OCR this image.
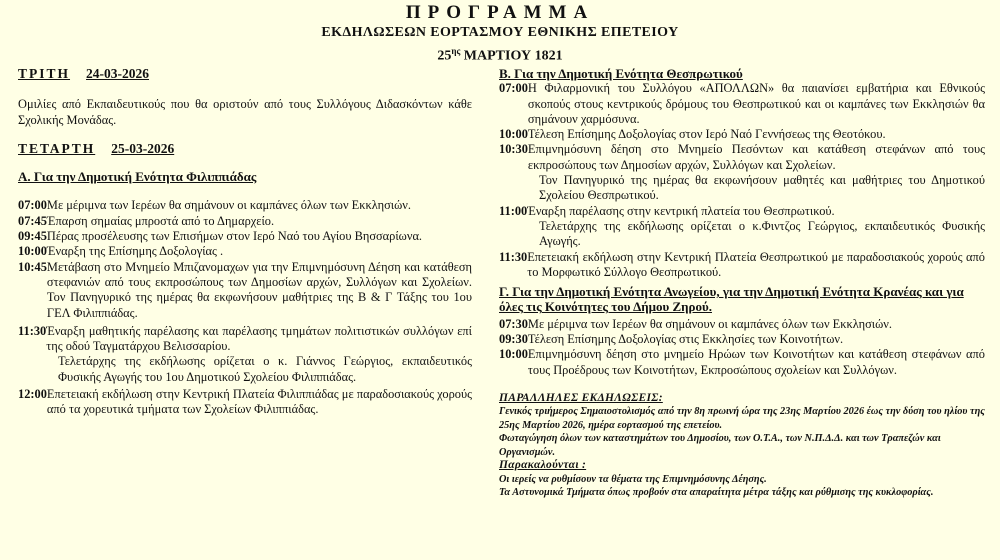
ΠΡΟΓΡΑΜΜΑ
ΕΚΔΗΛΩΣΕΩΝ ΕΟΡΤΑΣΜΟΥ ΕΘΝΙΚΗΣ ΕΠΕΤΕΙΟΥ
$25^{\eta\varsigma}$ ΜΑΡΤΙΟΥ 1821
ΤΡΙΤΗ 24-03-2026
Ομιλίες από Εκπαιδευτικούς που θα οριστούν από τους Συλλόγους Διδασκόντων κάθε Σχολικής Μονάδας.
ΤΕΤΑΡΤΗ 25-03-2026
Α. Για την Δημοτική Ενότητα Φιλιππιάδας
07:00 Με μέριμνα των Ιερέων θα σημάνουν οι καμπάνες όλων των Εκκλησιών.
07:45 Έπαρση σημαίας μπροστά από το Δημαρχείο.
09:45 Πέρας προσέλευσης των Επισήμων στον Ιερό Ναό του Αγίου Βησσαρίωνα.
10:00 Έναρξη της Επίσημης Δοξολογίας .
10:45 Μετάβαση στο Μνημείο Μπιζανομαχων για την Επιμνημόσυνη Δέηση και κατάθεση στεφανιών από τους εκπροσώπους των Δημοσίων αρχών, Συλλόγων και Σχολείων. Τον Πανηγυρικό της ημέρας θα εκφωνήσουν μαθήτριες της Β & Γ Τάξης του 1ου ΓΕΛ Φιλιππιάδας.
11:30 Έναρξη μαθητικής παρέλασης και παρέλασης τμημάτων πολιτιστικών συλλόγων επί της οδού Ταγματάρχου Βελισσαρίου.
Τελετάρχης της εκδήλωσης ορίζεται ο κ. Γιάννος Γεώργιος, εκπαιδευτικός Φυσικής Αγωγής του 1ου Δημοτικού Σχολείου Φιλιππιάδας.
12:00 Επετειακή εκδήλωση στην Κεντρική Πλατεία Φιλιππιάδας με παραδοσιακούς χορούς από τα χορευτικά τμήματα των Σχολείων Φιλιππιάδας.
Β. Για την Δημοτική Ενότητα Θεσπρωτικού
07:00 Η Φιλαρμονική του Συλλόγου «ΑΠΟΛΛΩΝ» θα παιανίσει εμβατήρια και Εθνικούς σκοπούς στους κεντρικούς δρόμους του Θεσπρωτικού και οι καμπάνες των Εκκλησιών θα σημάνουν χαρμόσυνα.
10:00 Τέλεση Επίσημης Δοξολογίας στον Ιερό Ναό Γεννήσεως της Θεοτόκου.
10:30 Επιμνημόσυνη δέηση στο Μνημείο Πεσόντων και κατάθεση στεφάνων από τους εκπροσώπους των Δημοσίων αρχών, Συλλόγων και Σχολείων.
Τον Πανηγυρικό της ημέρας θα εκφωνήσουν μαθητές και μαθήτριες του Δημοτικού Σχολείου Θεσπρωτικού.
11:00 Έναρξη παρέλασης στην κεντρική πλατεία του Θεσπρωτικού.
Τελετάρχης της εκδήλωσης ορίζεται ο κ.Φιντζος Γεώργιος, εκπαιδευτικός Φυσικής Αγωγής.
11:30 Επετειακή εκδήλωση στην Κεντρική Πλατεία Θεσπρωτικού με παραδοσιακούς χορούς από το Μορφωτικό Σύλλογο Θεσπρωτικού.
Γ. Για την Δημοτική Ενότητα Ανωγείου, για την Δημοτική Ενότητα Κρανέας και για όλες τις Κοινότητες του Δήμου Ζηρού.
07:30 Με μέριμνα των Ιερέων θα σημάνουν οι καμπάνες όλων των Εκκλησιών.
09:30 Τέλεση Επίσημης Δοξολογίας στις Εκκλησίες των Κοινοτήτων.
10:00 Επιμνημόσυνη δέηση στο μνημείο Ηρώων των Κοινοτήτων και κατάθεση στεφάνων από τους Προέδρους των Κοινοτήτων, Εκπροσώπους σχολείων και Συλλόγων.
ΠΑΡΑΛΛΗΛΕΣ ΕΚΔΗΛΩΣΕΙΣ:
Γενικός τριήμερος Σημαιοστολισμός από την 8η πρωινή ώρα της 23ης Μαρτίου 2026 έως την δύση του ηλίου της 25ης Μαρτίου 2026, ημέρα εορτασμού της επετείου.
Φωταγώγηση όλων των καταστημάτων του Δημοσίου, των Ο.Τ.Α., των Ν.Π.Δ.Δ. και των Τραπεζών και Οργανισμών.
Παρακαλούνται :
Οι ιερείς να ρυθμίσουν τα θέματα της Επιμνημόσυνης Δέησης.
Τα Αστυνομικά Τμήματα όπως προβούν στα απαραίτητα μέτρα τάξης και ρύθμισης της κυκλοφορίας.
